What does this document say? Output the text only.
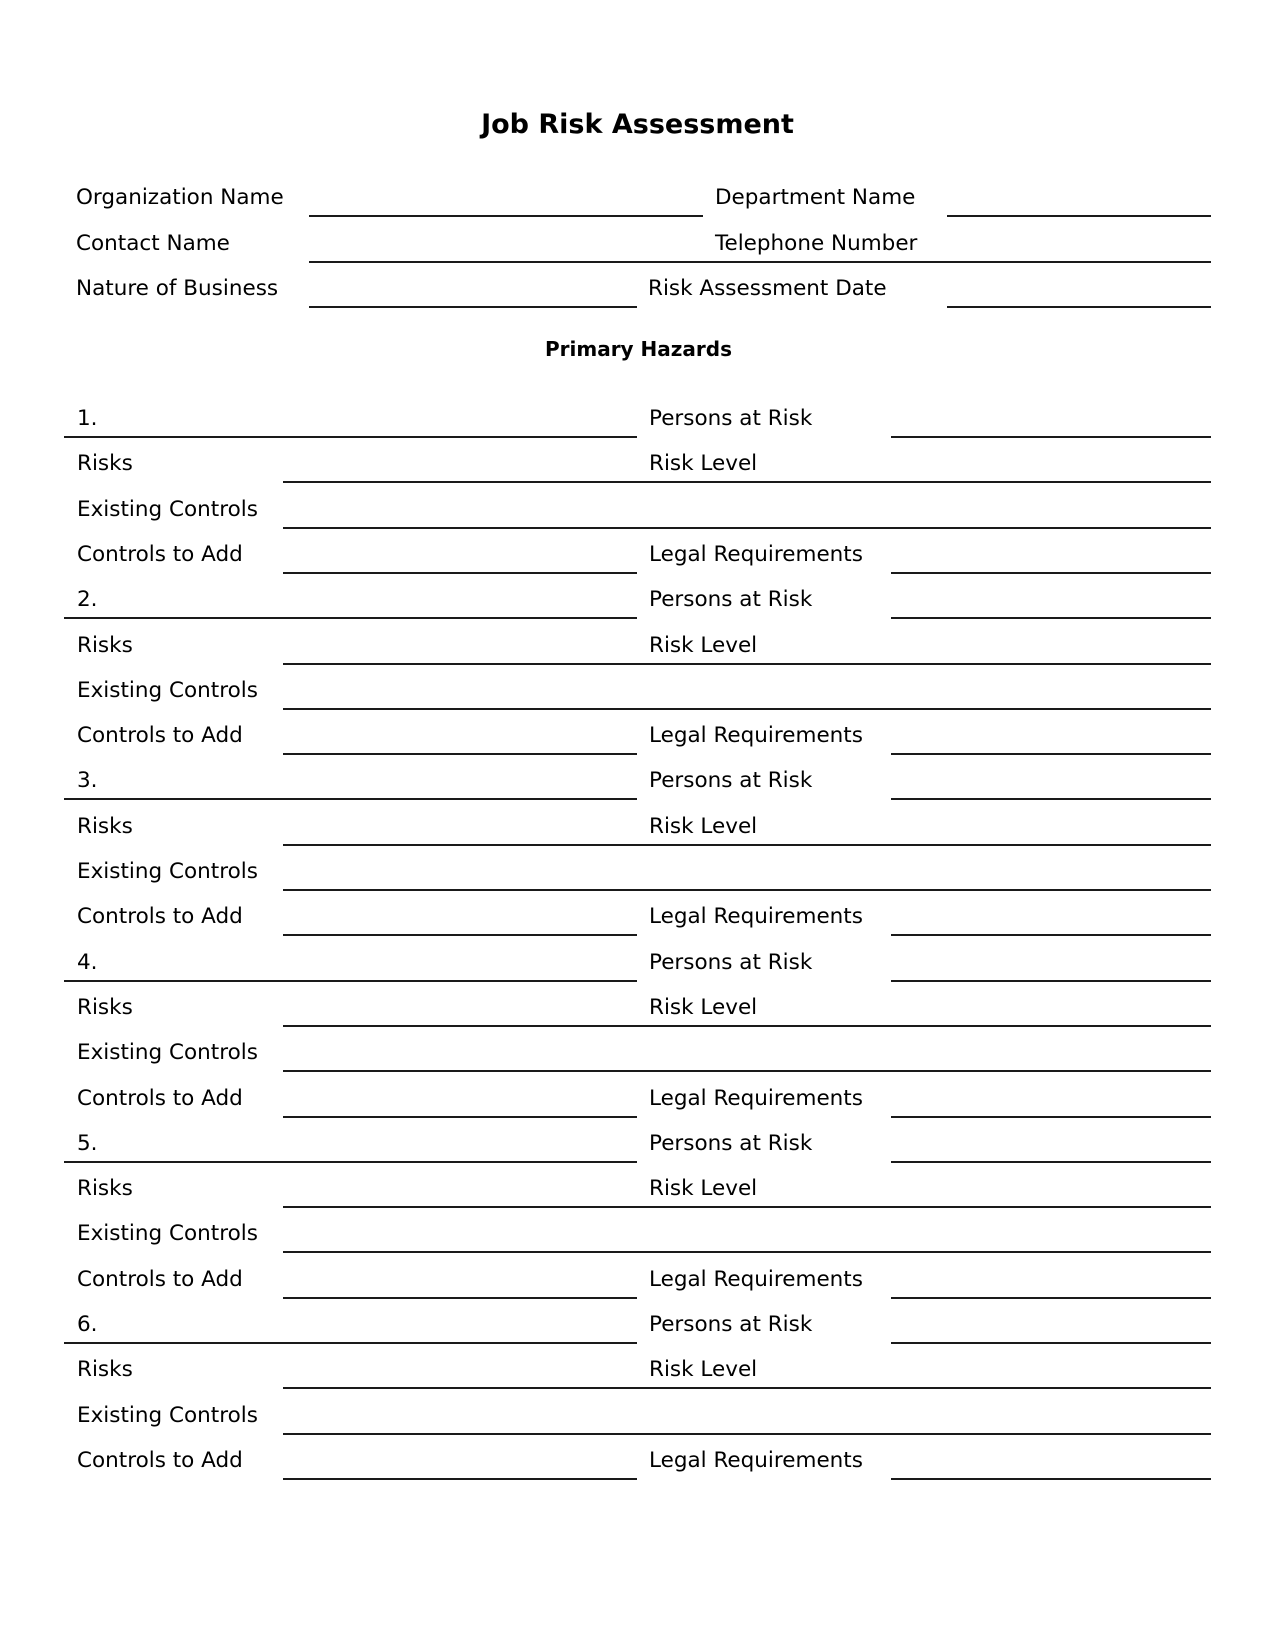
Job Risk Assessment
Organization Name	Department Name
Contact Name	Telephone Number
Nature of Business	Risk Assessment Date
Primary Hazards
1.	Persons at Risk
Risks	Risk Level
Existing Controls
Controls to Add	Legal Requirements
2.	Persons at Risk
Risks	Risk Level
Existing Controls
Controls to Add	Legal Requirements
3.	Persons at Risk
Risks	Risk Level
Existing Controls
Controls to Add	Legal Requirements
4.	Persons at Risk
Risks	Risk Level
Existing Controls
Controls to Add	Legal Requirements
5.	Persons at Risk
Risks	Risk Level
Existing Controls
Controls to Add	Legal Requirements
6.	Persons at Risk
Risks	Risk Level
Existing Controls
Controls to Add	Legal Requirements
